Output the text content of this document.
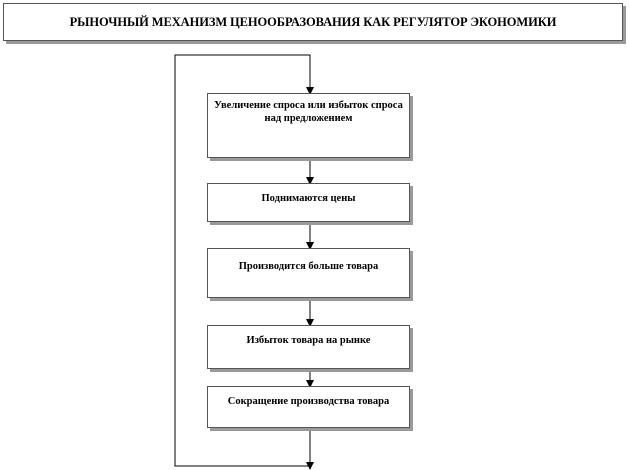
РЫНОЧНЫЙ МЕХАНИЗМ ЦЕНООБРАЗОВАНИЯ КАК РЕГУЛЯТОР ЭКОНОМИКИ
Увеличение спроса или избыток спроса над предложением
Поднимаются цены
Производится больше товара
Избыток товара на рынке
Сокращение производства товара
